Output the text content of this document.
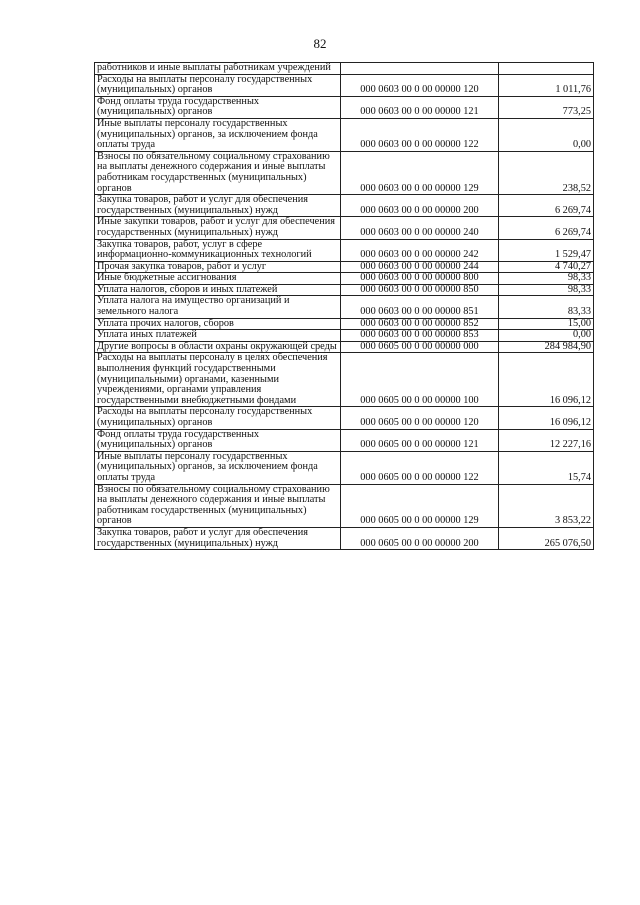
82
работников и иные выплаты работникам учреждений		
Расходы на выплаты персоналу государственных (муниципальных) органов	000 0603 00 0 00 00000 120	1 011,76
Фонд оплаты труда государственных (муниципальных) органов	000 0603 00 0 00 00000 121	773,25
Иные выплаты персоналу государственных (муниципальных) органов, за исключением фонда оплаты труда	000 0603 00 0 00 00000 122	0,00
Взносы по обязательному социальному страхованию на выплаты денежного содержания и иные выплаты работникам государственных (муниципальных) органов	000 0603 00 0 00 00000 129	238,52
Закупка товаров, работ и услуг для обеспечения государственных (муниципальных) нужд	000 0603 00 0 00 00000 200	6 269,74
Иные закупки товаров, работ и услуг для обеспечения государственных (муниципальных) нужд	000 0603 00 0 00 00000 240	6 269,74
Закупка товаров, работ, услуг в сфере информационно-коммуникационных технологий	000 0603 00 0 00 00000 242	1 529,47
Прочая закупка товаров, работ и услуг	000 0603 00 0 00 00000 244	4 740,27
Иные бюджетные ассигнования	000 0603 00 0 00 00000 800	98,33
Уплата налогов, сборов и иных платежей	000 0603 00 0 00 00000 850	98,33
Уплата налога на имущество организаций и земельного налога	000 0603 00 0 00 00000 851	83,33
Уплата прочих налогов, сборов	000 0603 00 0 00 00000 852	15,00
Уплата иных платежей	000 0603 00 0 00 00000 853	0,00
Другие вопросы в области охраны окружающей среды	000 0605 00 0 00 00000 000	284 984,90
Расходы на выплаты персоналу в целях обеспечения выполнения функций государственными (муниципальными) органами, казенными учреждениями, органами управления государственными внебюджетными фондами	000 0605 00 0 00 00000 100	16 096,12
Расходы на выплаты персоналу государственных (муниципальных) органов	000 0605 00 0 00 00000 120	16 096,12
Фонд оплаты труда государственных (муниципальных) органов	000 0605 00 0 00 00000 121	12 227,16
Иные выплаты персоналу государственных (муниципальных) органов, за исключением фонда оплаты труда	000 0605 00 0 00 00000 122	15,74
Взносы по обязательному социальному страхованию на выплаты денежного содержания и иные выплаты работникам государственных (муниципальных) органов	000 0605 00 0 00 00000 129	3 853,22
Закупка товаров, работ и услуг для обеспечения государственных (муниципальных) нужд	000 0605 00 0 00 00000 200	265 076,50
